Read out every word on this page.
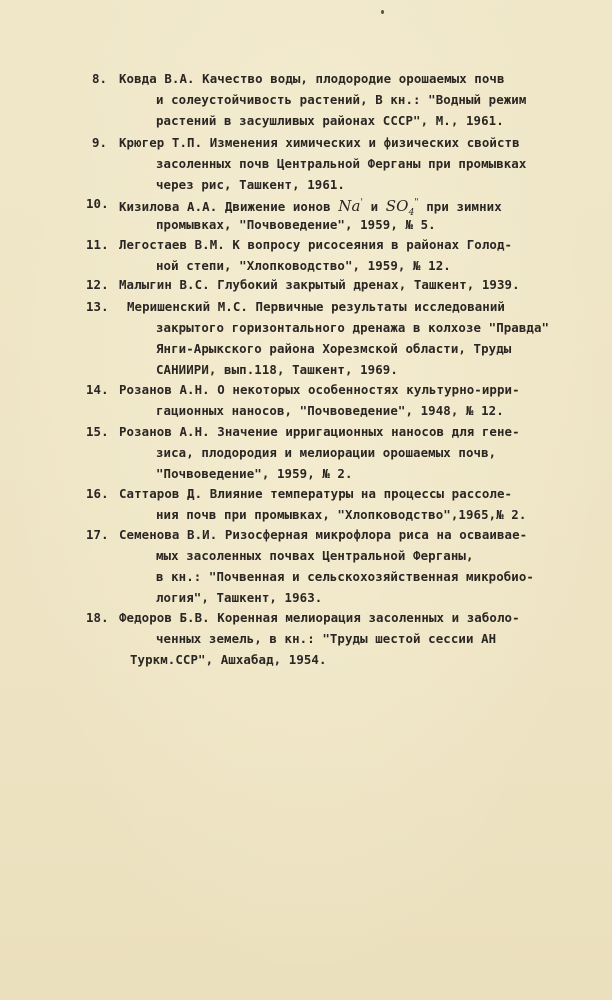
8. Ковда В.А. Качество воды, плодородие орошаемых почв
и солеустойчивость растений, В кн.: "Водный режим
растений в засушливых районах СССР", М., 1961.
9. Крюгер Т.П. Изменения химических и физических свойств
засоленных почв Центральной Ферганы при промывках
через рис, Ташкент, 1961.
10. Кизилова А.А. Движение ионов Na' и $SO_4^"$ при зимних
промывках, "Почвоведение", 1959, № 5.
11. Легостаев В.М. К вопросу рисосеяния в районах Голод-
ной степи, "Хлопководство", 1959, № 12.
12. Малыгин В.С. Глубокий закрытый дренах, Ташкент, 1939.
13.	Меришенский М.С. Первичные результаты исследований
закрытого горизонтального дренажа в колхозе "Правда"
Янги-Арыкского района Хорезмской области, Труды
САНИИРИ, вып.118, Ташкент, 1969.
14. Розанов А.Н. О некоторых особенностях культурно-ирри-
гационных наносов, "Почвоведение", 1948, № 12.
15. Розанов А.Н. Значение ирригационных наносов для гене-
зиса, плодородия и мелиорации орошаемых почв,
"Почвоведение", 1959, № 2.
16. Саттаров Д. Влияние температуры на процессы рассоле-
ния почв при промывках, "Хлопководство",1965,№ 2.
17. Семенова В.И. Ризосферная микрофлора риса на осваивае-
мых засоленных почвах Центральной Ферганы,
в кн.: "Почвенная и сельскохозяйственная микробио-
логия", Ташкент, 1963.
18. Федоров Б.В. Коренная мелиорация засоленных и заболо-
ченных земель, в кн.: "Труды шестой сессии АН
Туркм.ССР", Ашхабад, 1954.
